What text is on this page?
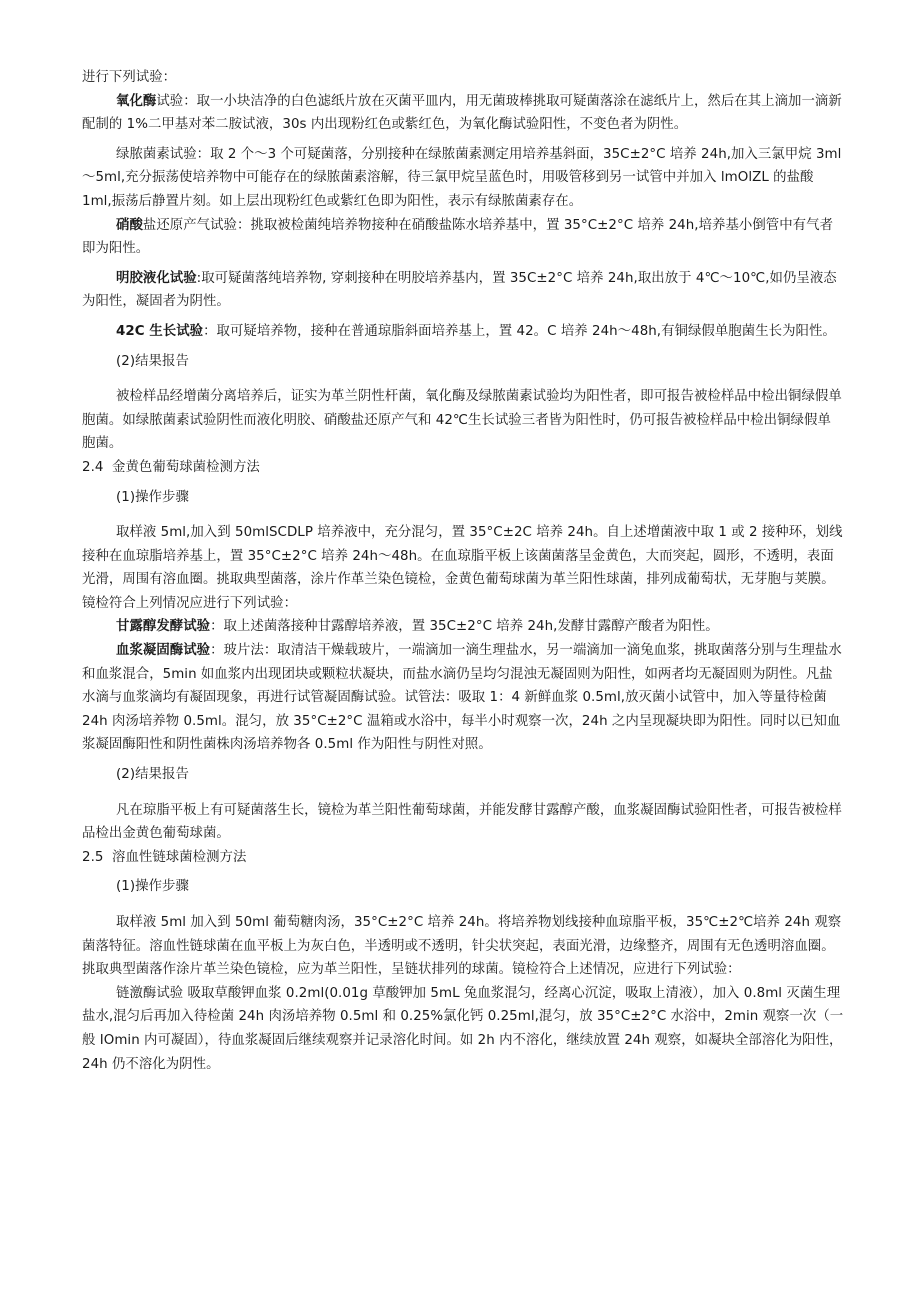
进行下列试验：

氧化酶试验：取一小块洁净的白色滤纸片放在灭菌平皿内，用无菌玻棒挑取可疑菌落涂在滤纸片上，然后在其上滴加一滴新配制的 1%二甲基对苯二胺试液，30s 内出现粉红色或紫红色，为氧化酶试验阳性，不变色者为阴性。

绿脓菌素试验：取 2 个～3 个可疑菌落，分别接种在绿脓菌素测定用培养基斜面，35C±2°C 培养 24h,加入三氯甲烷 3ml～5ml,充分振荡使培养物中可能存在的绿脓菌素溶解，待三氯甲烷呈蓝色时，用吸管移到另一试管中并加入 lmOlZL 的盐酸 1ml,振荡后静置片刻。如上层出现粉红色或紫红色即为阳性，表示有绿脓菌素存在。

硝酸盐还原产气试验：挑取被检菌纯培养物接种在硝酸盐陈水培养基中，置 35°C±2°C 培养 24h,培养基小倒管中有气者即为阳性。

明胶液化试验:取可疑菌落纯培养物, 穿刺接种在明胶培养基内，置 35C±2°C 培养 24h,取出放于 4℃～10℃,如仍呈液态为阳性，凝固者为阴性。

42C 生长试验：取可疑培养物，接种在普通琼脂斜面培养基上，置 42。C 培养 24h～48h,有铜绿假单胞菌生长为阳性。

(2)结果报告

被检样品经增菌分离培养后，证实为革兰阴性杆菌，氧化酶及绿脓菌素试验均为阳性者，即可报告被检样品中检出铜绿假单胞菌。如绿脓菌素试验阴性而液化明胶、硝酸盐还原产气和 42℃生长试验三者皆为阳性时，仍可报告被检样品中检出铜绿假单胞菌。

2.4 金黄色葡萄球菌检测方法

(1)操作步骤

取样液 5ml,加入到 50mlSCDLP 培养液中，充分混匀，置 35°C±2C 培养 24h。自上述增菌液中取 1 或 2 接种环，划线接种在血琼脂培养基上，置 35°C±2°C 培养 24h～48h。在血琼脂平板上该菌菌落呈金黄色，大而突起，圆形，不透明，表面光滑，周围有溶血圈。挑取典型菌落，涂片作革兰染色镜检，金黄色葡萄球菌为革兰阳性球菌，排列成葡萄状，无芽胞与荚膜。镜检符合上列情况应进行下列试验：

甘露醇发酵试验：取上述菌落接种甘露醇培养液，置 35C±2°C 培养 24h,发酵甘露醇产酸者为阳性。

血浆凝固酶试验：玻片法：取清洁干燥载玻片，一端滴加一滴生理盐水，另一端滴加一滴兔血浆，挑取菌落分别与生理盐水和血浆混合，5min 如血浆内出现团块或颗粒状凝块，而盐水滴仍呈均匀混浊无凝固则为阳性，如两者均无凝固则为阴性。凡盐水滴与血浆滴均有凝固现象，再进行试管凝固酶试验。试管法：吸取 1：4 新鲜血浆 0.5ml,放灭菌小试管中，加入等量待检菌 24h 肉汤培养物 0.5ml。混匀，放 35°C±2°C 温箱或水浴中，每半小时观察一次，24h 之内呈现凝块即为阳性。同时以已知血浆凝固酶阳性和阴性菌株肉汤培养物各 0.5ml 作为阳性与阴性对照。

(2)结果报告

凡在琼脂平板上有可疑菌落生长，镜检为革兰阳性葡萄球菌，并能发酵甘露醇产酸，血浆凝固酶试验阳性者，可报告被检样品检出金黄色葡萄球菌。

2.5 溶血性链球菌检测方法

(1)操作步骤

取样液 5ml 加入到 50ml 葡萄糖肉汤，35°C±2°C 培养 24h。将培养物划线接种血琼脂平板，35℃±2℃培养 24h 观察菌落特征。溶血性链球菌在血平板上为灰白色，半透明或不透明，针尖状突起，表面光滑，边缘整齐，周围有无色透明溶血圈。挑取典型菌落作涂片革兰染色镜检，应为革兰阳性，呈链状排列的球菌。镜检符合上述情况，应进行下列试验：

链激酶试验 吸取草酸钾血浆 0.2ml(0.01g 草酸钾加 5mL 兔血浆混匀，经离心沉淀，吸取上清液），加入 0.8ml 灭菌生理盐水,混匀后再加入待检菌 24h 肉汤培养物 0.5ml 和 0.25%氯化钙 0.25ml,混匀，放 35°C±2°C 水浴中，2min 观察一次（一般 IOmin 内可凝固），待血浆凝固后继续观察并记录溶化时间。如 2h 内不溶化，继续放置 24h 观察，如凝块全部溶化为阳性，24h 仍不溶化为阴性。
